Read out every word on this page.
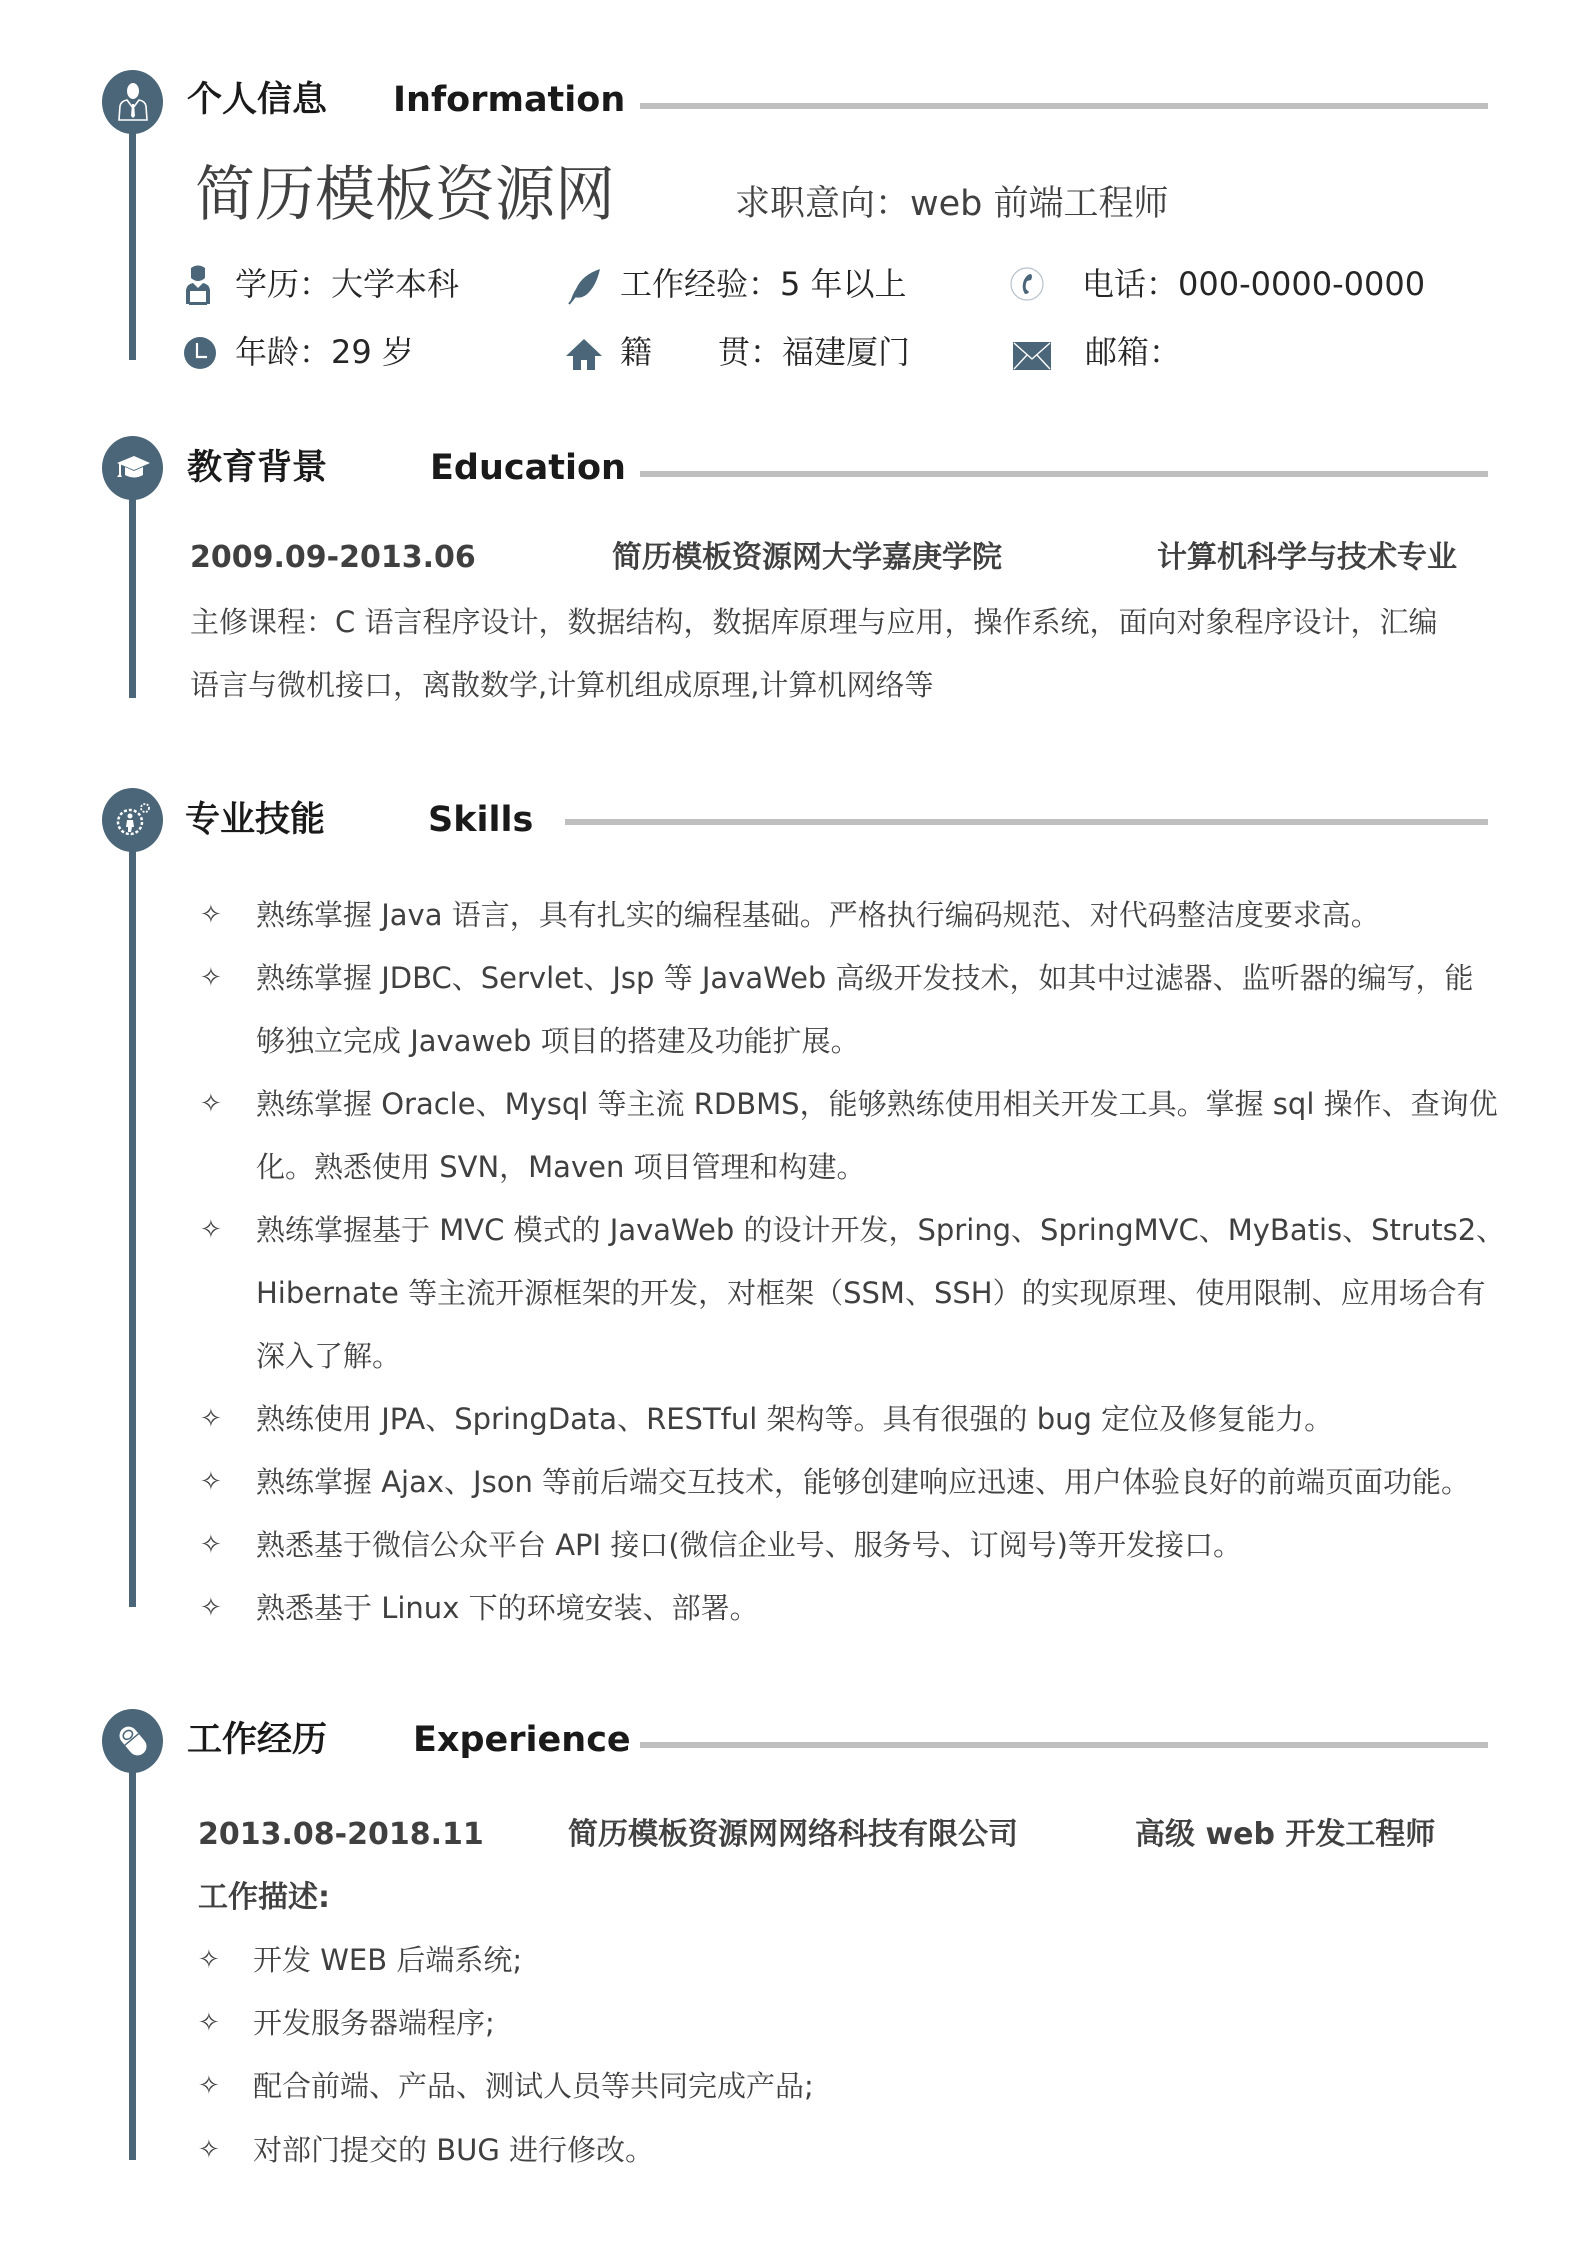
个人信息 Information
简历模板资源网	求职意向：web 前端工程师
学历：大学本科	工作经验：5 年以上	电话：000-0000-0000
年龄：29 岁	籍 贯：福建厦门	邮箱：
教育背景	Education
2009.09-2013.06	简历模板资源网大学嘉庚学院	计算机科学与技术专业
主修课程：C 语言程序设计，数据结构，数据库原理与应用，操作系统，面向对象程序设计，汇编
语言与微机接口，离散数学,计算机组成原理,计算机网络等
专业技能	Skills
✧ 熟练掌握 Java 语言，具有扎实的编程基础。严格执行编码规范、对代码整洁度要求高。
✧ 熟练掌握 JDBC、Servlet、Jsp 等 JavaWeb 高级开发技术，如其中过滤器、监听器的编写，能
够独立完成 Javaweb 项目的搭建及功能扩展。
✧ 熟练掌握 Oracle、Mysql 等主流 RDBMS，能够熟练使用相关开发工具。掌握 sql 操作、查询优
化。熟悉使用 SVN，Maven 项目管理和构建。
✧ 熟练掌握基于 MVC 模式的 JavaWeb 的设计开发，Spring、SpringMVC、MyBatis、Struts2、
Hibernate 等主流开源框架的开发，对框架（SSM、SSH）的实现原理、使用限制、应用场合有
深入了解。
✧ 熟练使用 JPA、SpringData、RESTful 架构等。具有很强的 bug 定位及修复能力。
✧ 熟练掌握 Ajax、Json 等前后端交互技术，能够创建响应迅速、用户体验良好的前端页面功能。
✧ 熟悉基于微信公众平台 API 接口(微信企业号、服务号、订阅号)等开发接口。
✧ 熟悉基于 Linux 下的环境安装、部署。
工作经历 Experience
2013.08-2018.11	简历模板资源网网络科技有限公司	高级 web 开发工程师
工作描述:
✧ 开发 WEB 后端系统;
✧ 开发服务器端程序;
✧ 配合前端、产品、测试人员等共同完成产品;
✧ 对部门提交的 BUG 进行修改。
